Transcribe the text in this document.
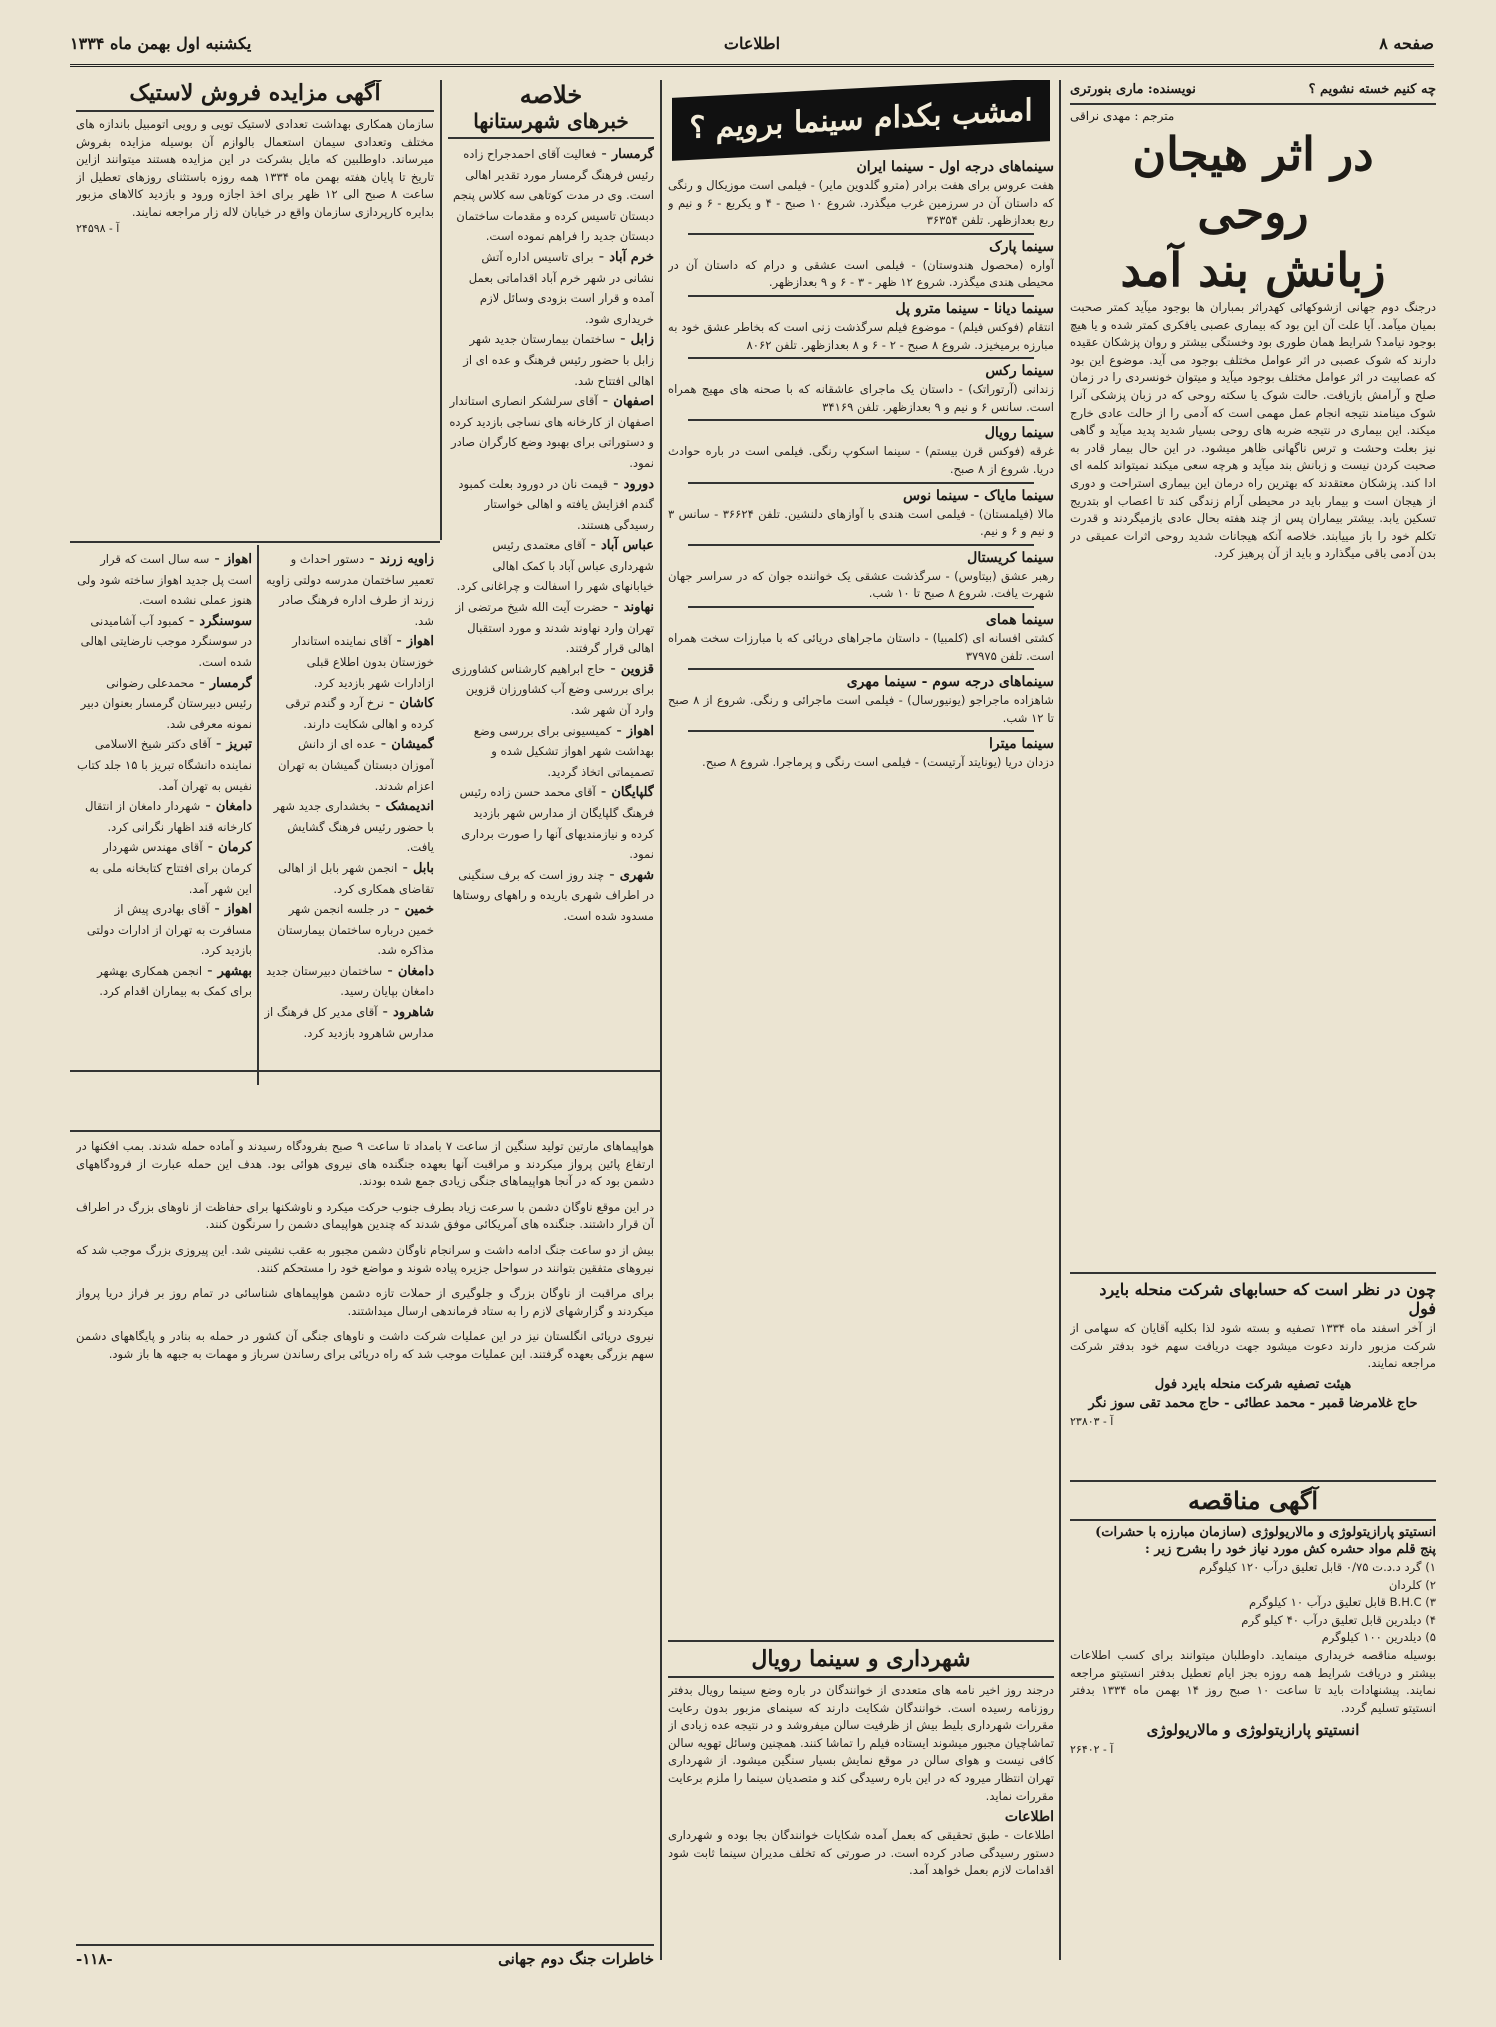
صفحه ۸
اطلاعات
یکشنبه اول بهمن ماه ۱۳۳۴
چه کنیم خسته نشویم ؟
نویسنده: ماری بنورتری
مترجم : مهدی نراقی

در اثر هیجان روحی

زبانش بند آمد

درجنگ دوم جهانی ازشوکهائی کهدراثر بمباران ها بوجود میآید کمتر صحبت بمیان میآمد. آیا علت آن این بود که بیماری عصبی یافکری کمتر شده و یا هیچ بوجود نیامد؟ شرایط همان طوری بود وخستگی بیشتر و روان پزشکان عقیده دارند که شوک عصبی در اثر عوامل مختلف بوجود می آید. موضوع این بود که عصابیت در اثر عوامل مختلف بوجود میآید و میتوان خونسردی را در زمان صلح و آرامش بازیافت. حالت شوک یا سکته روحی که در زبان پزشکی آنرا شوک مینامند نتیجه انجام عمل مهمی است که آدمی را از حالت عادی خارج میکند. این بیماری در نتیجه ضربه های روحی بسیار شدید پدید میآید و گاهی نیز بعلت وحشت و ترس ناگهانی ظاهر میشود. در این حال بیمار قادر به صحبت کردن نیست و زبانش بند میآید و هرچه سعی میکند نمیتواند کلمه ای ادا کند. پزشکان معتقدند که بهترین راه درمان این بیماری استراحت و دوری از هیجان است و بیمار باید در محیطی آرام زندگی کند تا اعصاب او بتدریج تسکین یابد. بیشتر بیماران پس از چند هفته بحال عادی بازمیگردند و قدرت تکلم خود را باز مییابند. خلاصه آنکه هیجانات شدید روحی اثرات عمیقی در بدن آدمی باقی میگذارد و باید از آن پرهیز کرد.

چون در نظر است که حسابهای شرکت منحله بایرد فول

از آخر اسفند ماه ۱۳۳۴ تصفیه و بسته شود لذا بکلیه آقایان که سهامی از شرکت مزبور دارند دعوت میشود جهت دریافت سهم خود بدفتر شرکت مراجعه نمایند.

هیئت تصفیه شرکت منحله بایرد فول
حاج غلامرضا قمبر - محمد عطائی - حاج محمد تقی سوز نگر
آ - ۲۳۸۰۳

آگهی مناقصه

انستیتو پارازیتولوژی و مالاریولوژی (سازمان مبارزه با حشرات)
پنج قلم مواد حشره کش مورد نیاز خود را بشرح زیر :
۱) گرد د.د.ت ۰/۷۵ قابل تعلیق درآب ۱۲۰ کیلوگرم
۲) کلردان
۳) B.H.C قابل تعلیق درآب ۱۰ کیلوگرم
۴) دیلدرین قابل تعلیق درآب ۴۰ کیلو گرم
۵) دیلدرین ۱۰۰ کیلوگرم

بوسیله مناقصه خریداری مینماید. داوطلبان میتوانند برای کسب اطلاعات بیشتر و دریافت شرایط همه روزه بجز ایام تعطیل بدفتر انستیتو مراجعه نمایند. پیشنهادات باید تا ساعت ۱۰ صبح روز ۱۴ بهمن ماه ۱۳۳۴ بدفتر انستیتو تسلیم گردد.

انستیتو پارازیتولوژی و مالاریولوژی
آ - ۲۶۴۰۲
امشب بکدام سینما برویم ؟
سینماهای درجه اول - سینما ایران

هفت عروس برای هفت برادر (مترو گلدوین مایر) - فیلمی است موزیکال و رنگی که داستان آن در سرزمین غرب میگذرد. شروع ۱۰ صبح - ۴ و یکربع - ۶ و نیم و ربع بعدازظهر. تلفن ۳۶۳۵۴

سینما پارک

آواره (محصول هندوستان) - فیلمی است عشقی و درام که داستان آن در محیطی هندی میگذرد. شروع ۱۲ ظهر - ۳ - ۶ و ۹ بعدازظهر.

سینما دیانا - سینما مترو پل

انتقام (فوکس فیلم) - موضوع فیلم سرگذشت زنی است که بخاطر عشق خود به مبارزه برمیخیزد. شروع ۸ صبح - ۲ - ۶ و ۸ بعدازظهر. تلفن ۸۰۶۲

سینما رکس

زندانی (آرتوراتک) - داستان یک ماجرای عاشقانه که با صحنه های مهیج همراه است. سانس ۶ و نیم و ۹ بعدازظهر. تلفن ۳۴۱۶۹

سینما رویال

غرقه (فوکس قرن بیستم) - سینما اسکوپ رنگی. فیلمی است در باره حوادث دریا. شروع از ۸ صبح.

سینما مایاک - سینما نوس

مالا (فیلمستان) - فیلمی است هندی با آوازهای دلنشین. تلفن ۳۶۶۲۴ - سانس ۳ و نیم و ۶ و نیم.

سینما کریستال

رهبر عشق (بیتاوس) - سرگذشت عشقی یک خواننده جوان که در سراسر جهان شهرت یافت. شروع ۸ صبح تا ۱۰ شب.

سینما همای

کشتی افسانه ای (کلمبیا) - داستان ماجراهای دریائی که با مبارزات سخت همراه است. تلفن ۳۷۹۷۵

سینماهای درجه سوم - سینما مهری

شاهزاده ماجراجو (یونیورسال) - فیلمی است ماجرائی و رنگی. شروع از ۸ صبح تا ۱۲ شب.

سینما میترا

دزدان دریا (یونایتد آرتیست) - فیلمی است رنگی و پرماجرا. شروع ۸ صبح.

شهرداری و سینما رویال

درجند روز اخیر نامه های متعددی از خوانندگان در باره وضع سینما رویال بدفتر روزنامه رسیده است. خوانندگان شکایت دارند که سینمای مزبور بدون رعایت مقررات شهرداری بلیط بیش از ظرفیت سالن میفروشد و در نتیجه عده زیادی از تماشاچیان مجبور میشوند ایستاده فیلم را تماشا کنند. همچنین وسائل تهویه سالن کافی نیست و هوای سالن در موقع نمایش بسیار سنگین میشود. از شهرداری تهران انتظار میرود که در این باره رسیدگی کند و متصدیان سینما را ملزم برعایت مقررات نماید.

اطلاعات

اطلاعات - طبق تحقیقی که بعمل آمده شکایات خوانندگان بجا بوده و شهرداری دستور رسیدگی صادر کرده است. در صورتی که تخلف مدیران سینما ثابت شود اقدامات لازم بعمل خواهد آمد.

خلاصه

خبرهای شهرستانها

گرمسار - فعالیت آقای احمدجراح زاده رئیس فرهنگ گرمسار مورد تقدیر اهالی است. وی در مدت کوتاهی سه کلاس پنجم دبستان تاسیس کرده و مقدمات ساختمان دبستان جدید را فراهم نموده است.
خرم آباد - برای تاسیس اداره آتش نشانی در شهر خرم آباد اقداماتی بعمل آمده و قرار است بزودی وسائل لازم خریداری شود.
زابل - ساختمان بیمارستان جدید شهر زابل با حضور رئیس فرهنگ و عده ای از اهالی افتتاح شد.
اصفهان - آقای سرلشکر انصاری استاندار اصفهان از کارخانه های نساجی بازدید کرده و دستوراتی برای بهبود وضع کارگران صادر نمود.
دورود - قیمت نان در دورود بعلت کمبود گندم افزایش یافته و اهالی خواستار رسیدگی هستند.
عباس آباد - آقای معتمدی رئیس شهرداری عباس آباد با کمک اهالی خیابانهای شهر را اسفالت و چراغانی کرد.
نهاوند - حضرت آیت الله شیخ مرتضی از تهران وارد نهاوند شدند و مورد استقبال اهالی قرار گرفتند.
قزوین - حاج ابراهیم کارشناس کشاورزی برای بررسی وضع آب کشاورزان قزوین وارد آن شهر شد.
اهواز - کمیسیونی برای بررسی وضع بهداشت شهر اهواز تشکیل شده و تصمیماتی اتخاذ گردید.
گلپایگان - آقای محمد حسن زاده رئیس فرهنگ گلپایگان از مدارس شهر بازدید کرده و نیازمندیهای آنها را صورت برداری نمود.
شهری - چند روز است که برف سنگینی در اطراف شهری باریده و راههای روستاها مسدود شده است.

آگهی مزایده فروش لاستیک

سازمان همکاری بهداشت تعدادی لاستیک تویی و رویی اتومبیل باندازه های مختلف وتعدادی سیمان استعمال بالوازم آن بوسیله مزایده بفروش میرساند. داوطلبین که مایل بشرکت در این مزایده هستند میتوانند ازاین تاریخ تا پایان هفته بهمن ماه ۱۳۳۴ همه روزه باستثنای روزهای تعطیل از ساعت ۸ صبح الی ۱۲ ظهر برای اخذ اجازه ورود و بازدید کالاهای مزبور بدایره کارپردازی سازمان واقع در خیابان لاله زار مراجعه نمایند.

آ - ۲۴۵۹۸
زاویه زرند - دستور احداث و تعمیر ساختمان مدرسه دولتی زاویه زرند از طرف اداره فرهنگ صادر شد.
اهواز - آقای نماینده استاندار خوزستان بدون اطلاع قبلی ازادارات شهر بازدید کرد.
کاشان - نرخ آرد و گندم ترقی کرده و اهالی شکایت دارند.
گمیشان - عده ای از دانش آموزان دبستان گمیشان به تهران اعزام شدند.
اندیمشک - بخشداری جدید شهر با حضور رئیس فرهنگ گشایش یافت.
بابل - انجمن شهر بابل از اهالی تقاضای همکاری کرد.
خمین - در جلسه انجمن شهر خمین درباره ساختمان بیمارستان مذاکره شد.
دامغان - ساختمان دبیرستان جدید دامغان بپایان رسید.
شاهرود - آقای مدیر کل فرهنگ از مدارس شاهرود بازدید کرد.
اهواز - سه سال است که قرار است پل جدید اهواز ساخته شود ولی هنوز عملی نشده است.
سوسنگرد - کمبود آب آشامیدنی در سوسنگرد موجب نارضایتی اهالی شده است.
گرمسار - محمدعلی رضوانی رئیس دبیرستان گرمسار بعنوان دبیر نمونه معرفی شد.
تبریز - آقای دکتر شیخ الاسلامی نماینده دانشگاه تبریز با ۱۵ جلد کتاب نفیس به تهران آمد.
دامغان - شهردار دامغان از انتقال کارخانه قند اظهار نگرانی کرد.
کرمان - آقای مهندس شهردار کرمان برای افتتاح کتابخانه ملی به این شهر آمد.
اهواز - آقای بهادری پیش از مسافرت به تهران از ادارات دولتی بازدید کرد.
بهشهر - انجمن همکاری بهشهر برای کمک به بیماران اقدام کرد.

هواپیماهای مارتین تولید سنگین از ساعت ۷ بامداد تا ساعت ۹ صبح بفرودگاه رسیدند و آماده حمله شدند. بمب افکنها در ارتفاع پائین پرواز میکردند و مراقبت آنها بعهده جنگنده های نیروی هوائی بود. هدف این حمله عبارت از فرودگاههای دشمن بود که در آنجا هواپیماهای جنگی زیادی جمع شده بودند.

در این موقع ناوگان دشمن با سرعت زیاد بطرف جنوب حرکت میکرد و ناوشکنها برای حفاظت از ناوهای بزرگ در اطراف آن قرار داشتند. جنگنده های آمریکائی موفق شدند که چندین هواپیمای دشمن را سرنگون کنند.

بیش از دو ساعت جنگ ادامه داشت و سرانجام ناوگان دشمن مجبور به عقب نشینی شد. این پیروزی بزرگ موجب شد که نیروهای متفقین بتوانند در سواحل جزیره پیاده شوند و مواضع خود را مستحکم کنند.

برای مراقبت از ناوگان بزرگ و جلوگیری از حملات تازه دشمن هواپیماهای شناسائی در تمام روز بر فراز دریا پرواز میکردند و گزارشهای لازم را به ستاد فرماندهی ارسال میداشتند.

نیروی دریائی انگلستان نیز در این عملیات شرکت داشت و ناوهای جنگی آن کشور در حمله به بنادر و پایگاههای دشمن سهم بزرگی بعهده گرفتند. این عملیات موجب شد که راه دریائی برای رساندن سرباز و مهمات به جبهه ها باز شود.

خاطرات جنگ دوم جهانی
-۱۱۸-
